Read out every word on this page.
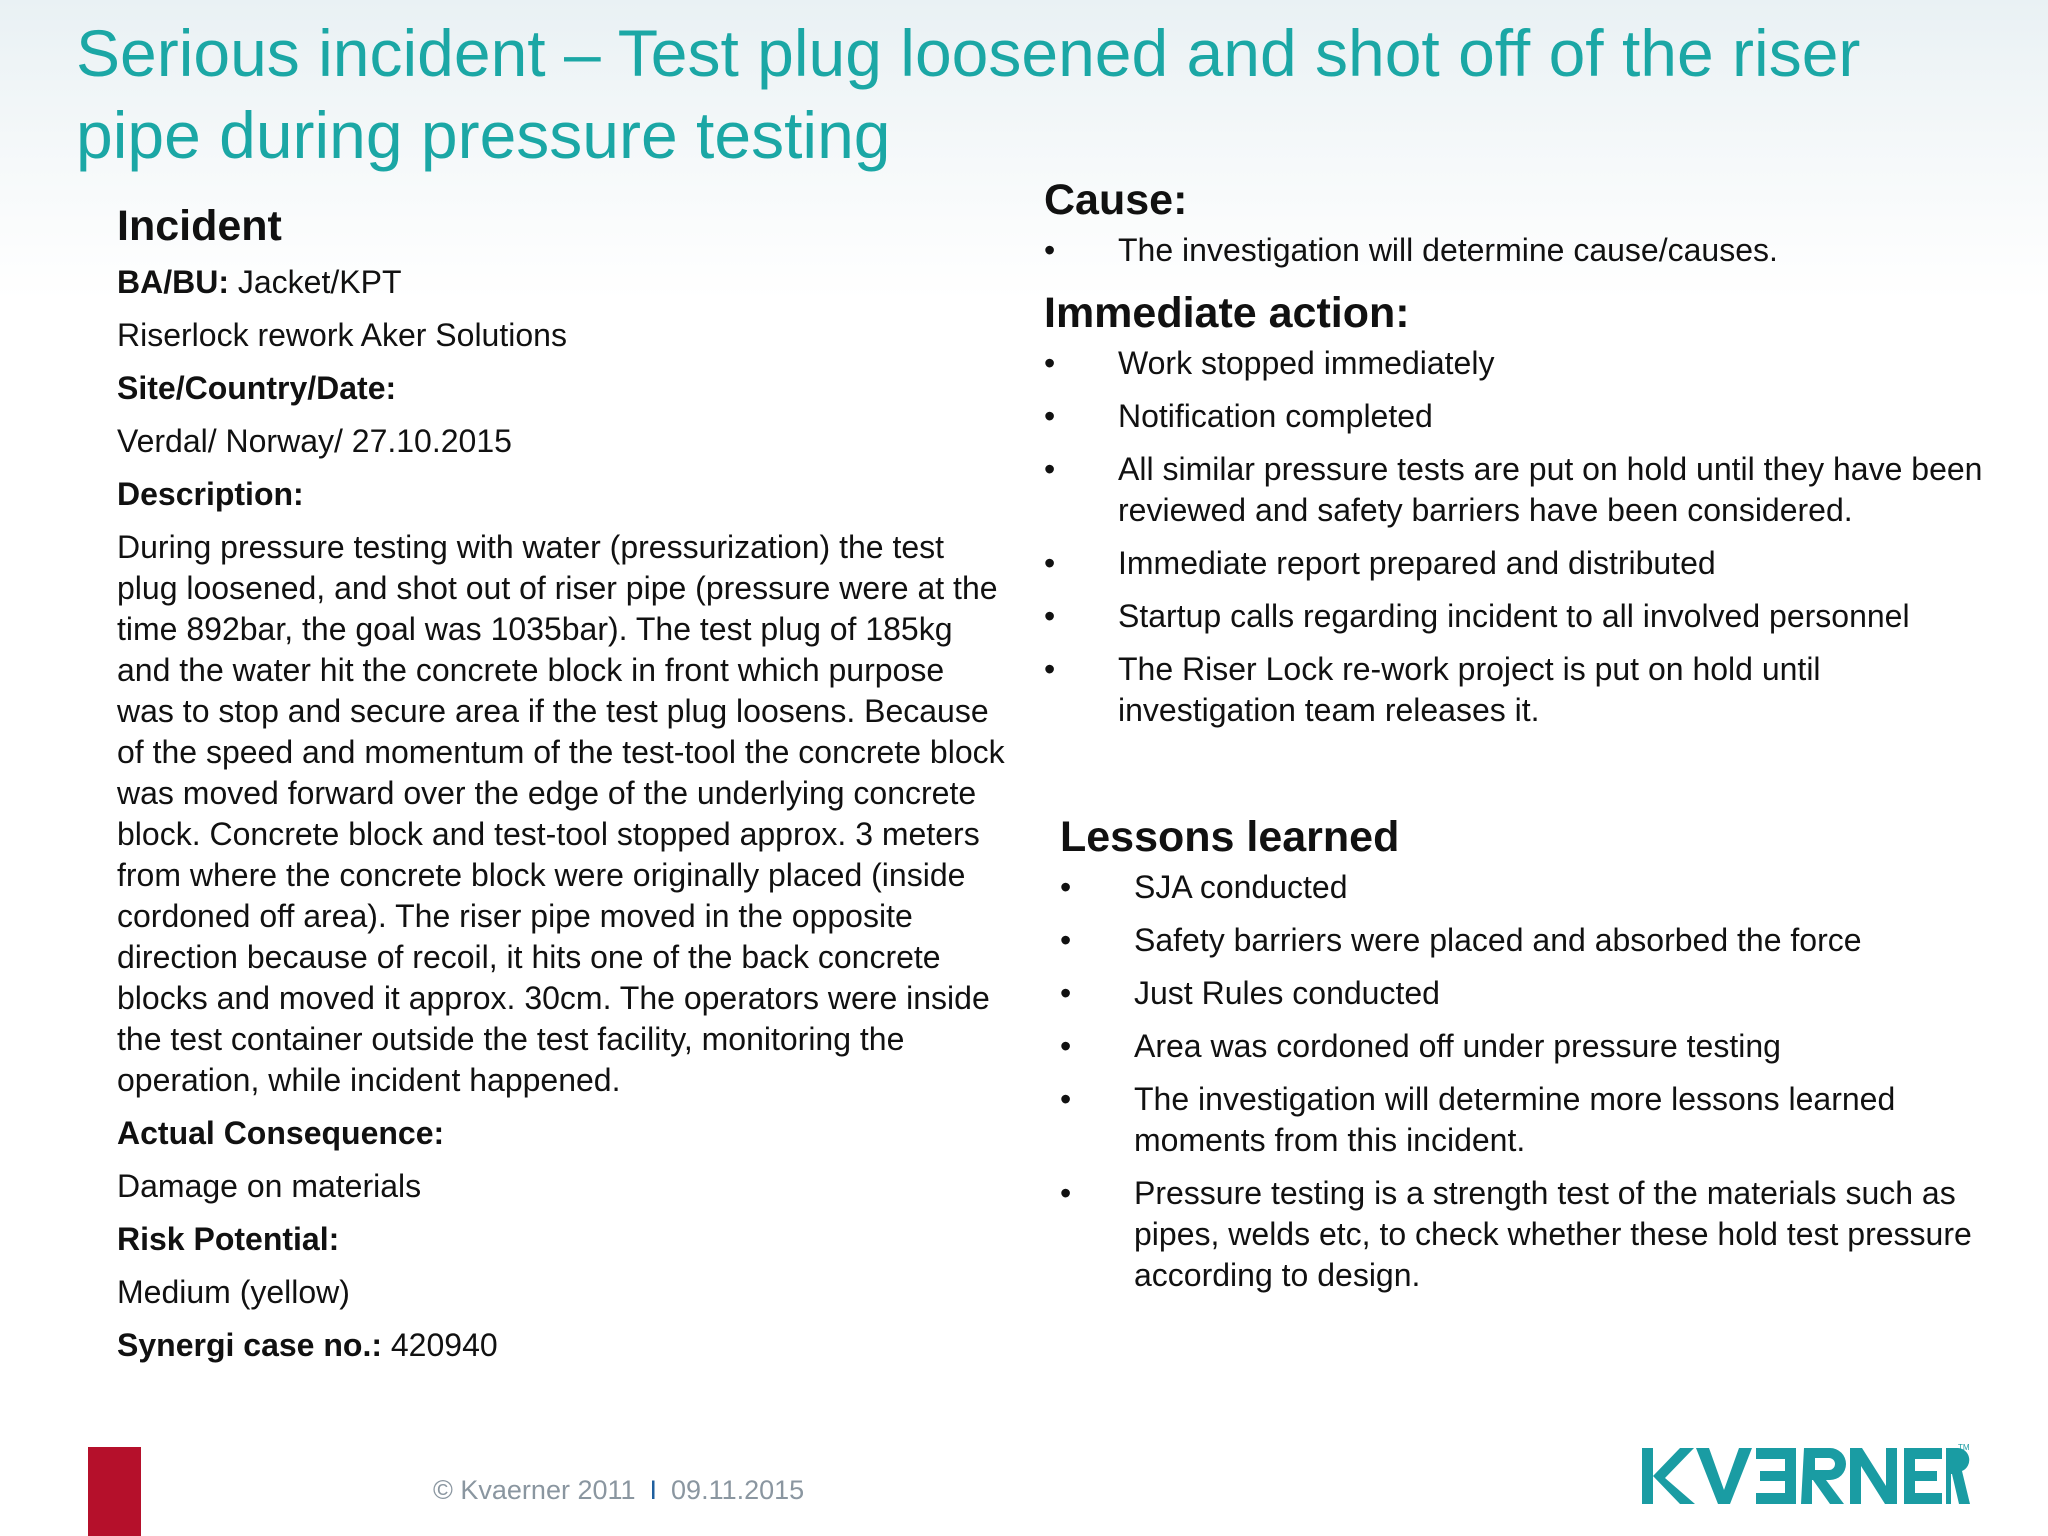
Serious incident – Test plug loosened and shot off of the riser pipe during pressure testing
Incident

BA/BU: Jacket/KPT

Riserlock rework Aker Solutions

Site/Country/Date:

Verdal/ Norway/ 27.10.2015

Description:

During pressure testing with water (pressurization) the test plug loosened, and shot out of riser pipe (pressure were at the time 892bar, the goal was 1035bar). The test plug of 185kg and the water hit the concrete block in front which purpose was to stop and secure area if the test plug loosens. Because of the speed and momentum of the test-tool the concrete block was moved forward over the edge of the underlying concrete block. Concrete block and test-tool stopped approx. 3 meters from where the concrete block were originally placed (inside cordoned off area). The riser pipe moved in the opposite direction because of recoil, it hits one of the back concrete blocks and moved it approx. 30cm. The operators were inside the test container outside the test facility, monitoring the operation, while incident happened.

Actual Consequence:

Damage on materials

Risk Potential:

Medium (yellow)

Synergi case no.: 420940

Cause:
• The investigation will determine cause/causes.
Immediate action:
• Work stopped immediately
• Notification completed
• All similar pressure tests are put on hold until they have been reviewed and safety barriers have been considered.
• Immediate report prepared and distributed
• Startup calls regarding incident to all involved personnel
• The Riser Lock re-work project is put on hold until investigation team releases it.
Lessons learned
• SJA conducted
• Safety barriers were placed and absorbed the force
• Just Rules conducted
• Area was cordoned off under pressure testing
• The investigation will determine more lessons learned moments from this incident.
• Pressure testing is a strength test of the materials such as pipes, welds etc, to check whether these hold test pressure according to design.
© Kvaerner 2011 I 09.11.2015
TM
